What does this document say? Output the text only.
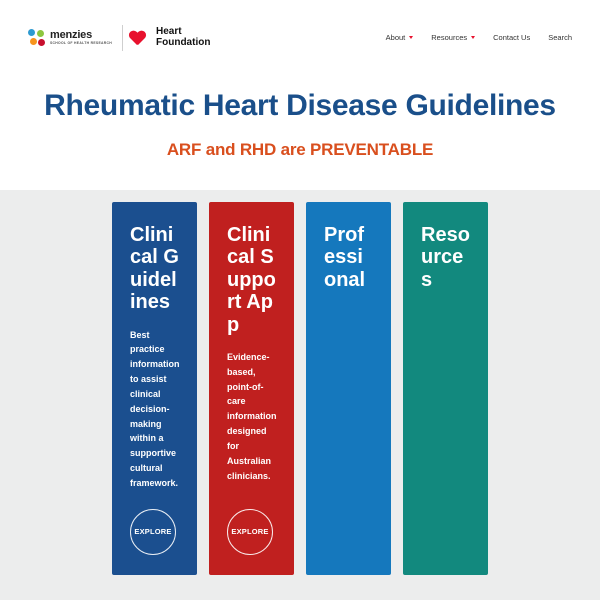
menzies
SCHOOL OF HEALTH RESEARCH
Heart
Foundation	About	Resources	Contact Us Search
Rheumatic Heart Disease Guidelines

ARF and RHD are PREVENTABLE

Clinical Guidelines
Best practice information to assist clinical decision-making within a supportive cultural framework.
EXPLORE
Clinical Support App
Evidence-based, point-of-care information designed for Australian clinicians.
EXPLORE
Professional
Resources
